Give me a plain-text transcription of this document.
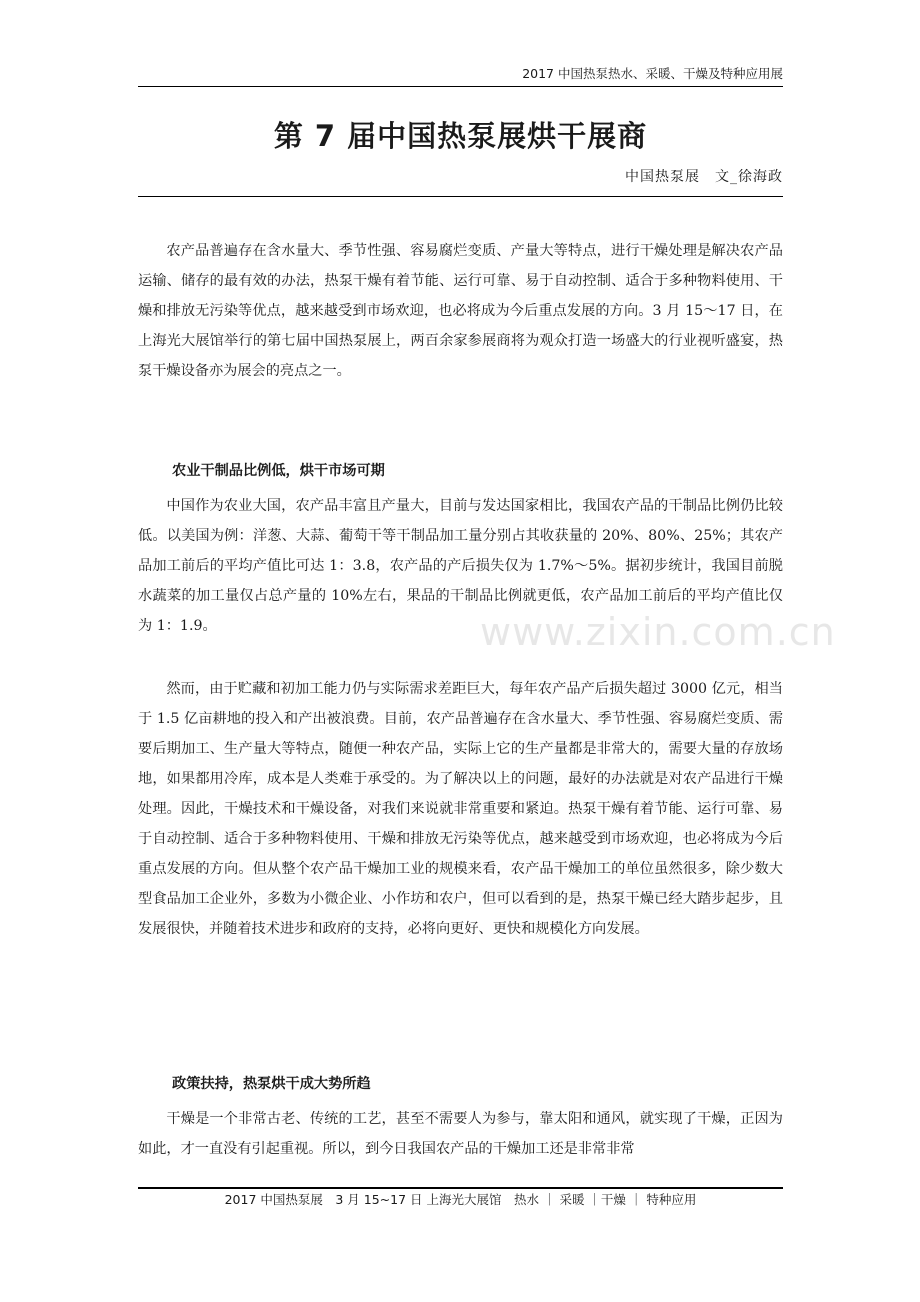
2017 中国热泵热水、采暖、干燥及特种应用展
第 7 届中国热泵展烘干展商
中国热泵展　文_徐海政

农产品普遍存在含水量大、季节性强、容易腐烂变质、产量大等特点，进行干燥处理是解决农产品运输、储存的最有效的办法，热泵干燥有着节能、运行可靠、易于自动控制、适合于多种物料使用、干燥和排放无污染等优点，越来越受到市场欢迎，也必将成为今后重点发展的方向。3 月 15～17 日，在上海光大展馆举行的第七届中国热泵展上，两百余家参展商将为观众打造一场盛大的行业视听盛宴，热泵干燥设备亦为展会的亮点之一。

农业干制品比例低，烘干市场可期

中国作为农业大国，农产品丰富且产量大，目前与发达国家相比，我国农产品的干制品比例仍比较低。以美国为例：洋葱、大蒜、葡萄干等干制品加工量分别占其收获量的 20%、80%、25%；其农产品加工前后的平均产值比可达 1：3.8，农产品的产后损失仅为 1.7%～5%。据初步统计，我国目前脱水蔬菜的加工量仅占总产量的 10%左右，果品的干制品比例就更低，农产品加工前后的平均产值比仅为 1：1.9。

然而，由于贮藏和初加工能力仍与实际需求差距巨大，每年农产品产后损失超过 3000 亿元，相当于 1.5 亿亩耕地的投入和产出被浪费。目前，农产品普遍存在含水量大、季节性强、容易腐烂变质、需要后期加工、生产量大等特点，随便一种农产品，实际上它的生产量都是非常大的，需要大量的存放场地，如果都用冷库，成本是人类难于承受的。为了解决以上的问题，最好的办法就是对农产品进行干燥处理。因此，干燥技术和干燥设备，对我们来说就非常重要和紧迫。热泵干燥有着节能、运行可靠、易于自动控制、适合于多种物料使用、干燥和排放无污染等优点，越来越受到市场欢迎，也必将成为今后重点发展的方向。但从整个农产品干燥加工业的规模来看，农产品干燥加工的单位虽然很多，除少数大型食品加工企业外，多数为小微企业、小作坊和农户，但可以看到的是，热泵干燥已经大踏步起步，且发展很快，并随着技术进步和政府的支持，必将向更好、更快和规模化方向发展。

政策扶持，热泵烘干成大势所趋

干燥是一个非常古老、传统的工艺，甚至不需要人为参与，靠太阳和通风，就实现了干燥，正因为如此，才一直没有引起重视。所以，到今日我国农产品的干燥加工还是非常非常

www.zixin.com.cn
2017 中国热泵展　3 月 15~17 日 上海光大展馆　热水 ｜ 采暖 ｜干燥 ｜ 特种应用
